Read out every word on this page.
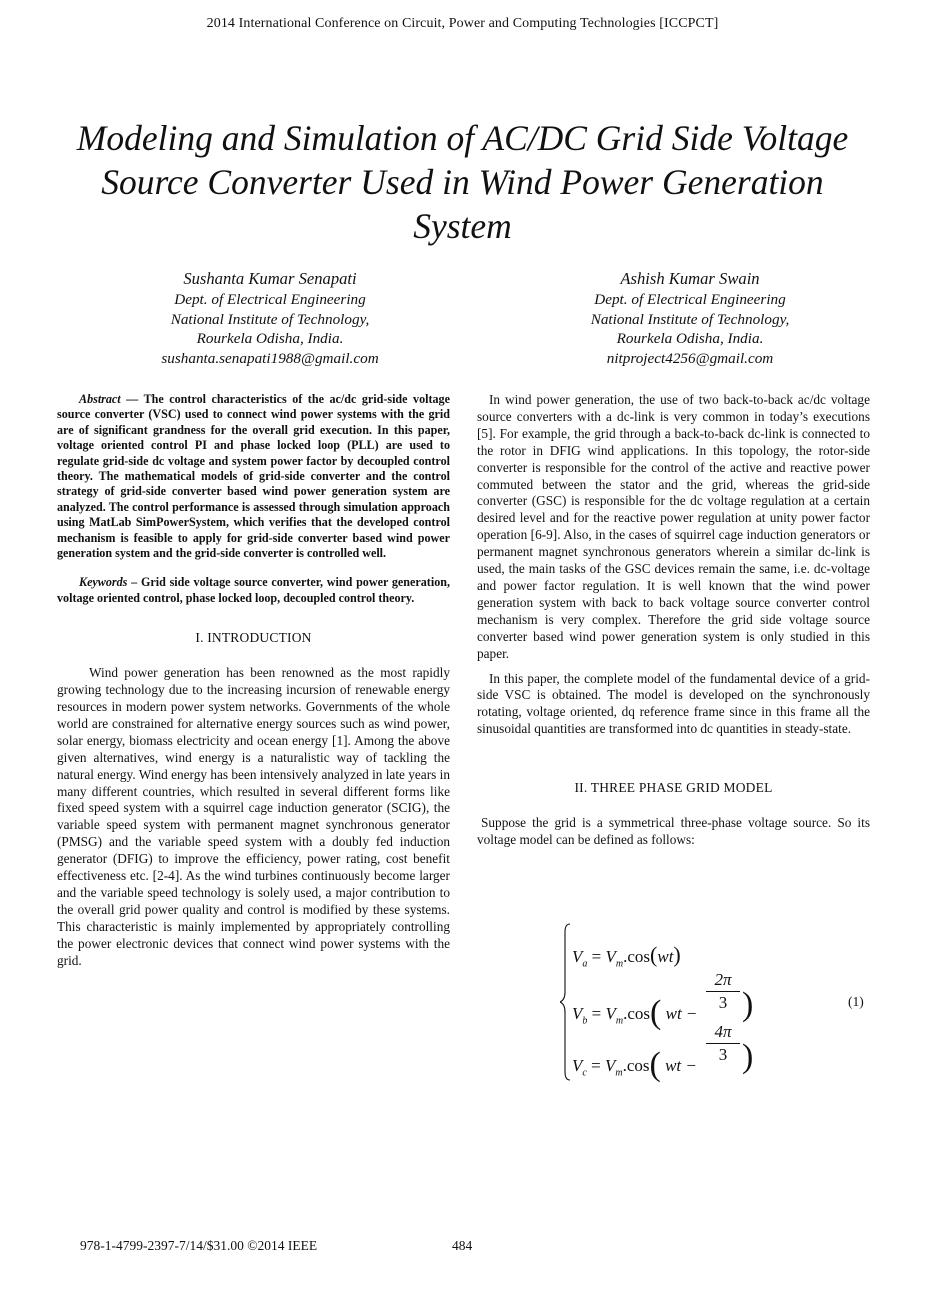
2014 International Conference on Circuit, Power and Computing Technologies [ICCPCT]
Modeling and Simulation of AC/DC Grid Side Voltage Source Converter Used in Wind Power Generation System
Sushanta Kumar Senapati
Dept. of Electrical Engineering
National Institute of Technology,
Rourkela Odisha, India.
sushanta.senapati1988@gmail.com
Ashish Kumar Swain
Dept. of Electrical Engineering
National Institute of Technology,
Rourkela Odisha, India.
nitproject4256@gmail.com

Abstract — The control characteristics of the ac/dc grid-side voltage source converter (VSC) used to connect wind power systems with the grid are of significant grandness for the overall grid execution. In this paper, voltage oriented control PI and phase locked loop (PLL) are used to regulate grid-side dc voltage and system power factor by decoupled control theory. The mathematical models of grid-side converter and the control strategy of grid-side converter based wind power generation system are analyzed. The control performance is assessed through simulation approach using MatLab SimPowerSystem, which verifies that the developed control mechanism is feasible to apply for grid-side converter based wind power generation system and the grid-side converter is controlled well.

Keywords – Grid side voltage source converter, wind power generation, voltage oriented control, phase locked loop, decoupled control theory.

I. INTRODUCTION

Wind power generation has been renowned as the most rapidly growing technology due to the increasing incursion of renewable energy resources in modern power system networks. Governments of the whole world are constrained for alternative energy sources such as wind power, solar energy, biomass electricity and ocean energy [1]. Among the above given alternatives, wind energy is a naturalistic way of tackling the natural energy. Wind energy has been intensively analyzed in late years in many different countries, which resulted in several different forms like fixed speed system with a squirrel cage induction generator (SCIG), the variable speed system with permanent magnet synchronous generator (PMSG) and the variable speed system with a doubly fed induction generator (DFIG) to improve the efficiency, power rating, cost benefit effectiveness etc. [2-4]. As the wind turbines continuously become larger and the variable speed technology is solely used, a major contribution to the overall grid power quality and control is modified by these systems. This characteristic is mainly implemented by appropriately controlling the power electronic devices that connect wind power systems with the grid.

In wind power generation, the use of two back-to-back ac/dc voltage source converters with a dc-link is very common in today’s executions [5]. For example, the grid through a back-to-back dc-link is connected to the rotor in DFIG wind applications. In this topology, the rotor-side converter is responsible for the control of the active and reactive power commuted between the stator and the grid, whereas the grid-side converter (GSC) is responsible for the dc voltage regulation at a certain desired level and for the reactive power regulation at unity power factor operation [6-9]. Also, in the cases of squirrel cage induction generators or permanent magnet synchronous generators wherein a similar dc-link is used, the main tasks of the GSC devices remain the same, i.e. dc-voltage and power factor regulation. It is well known that the wind power generation system with back to back voltage source converter control mechanism is very complex. Therefore the grid side voltage source converter based wind power generation system is only studied in this paper.

In this paper, the complete model of the fundamental device of a grid-side VSC is obtained. The model is developed on the synchronously rotating, voltage oriented, dq reference frame since in this frame all the sinusoidal quantities are transformed into dc quantities in steady-state.

II. THREE PHASE GRID MODEL

Suppose the grid is a symmetrical three-phase voltage source. So its voltage model can be defined as follows:

$V_a = V_m.\cos(wt)$
$V_b = V_m.\cos$( wt −
2π
3 )
$V_c = V_m.\cos$( wt −
4π
3 )
(1)
978-1-4799-2397-7/14/$31.00 ©2014 IEEE	484
